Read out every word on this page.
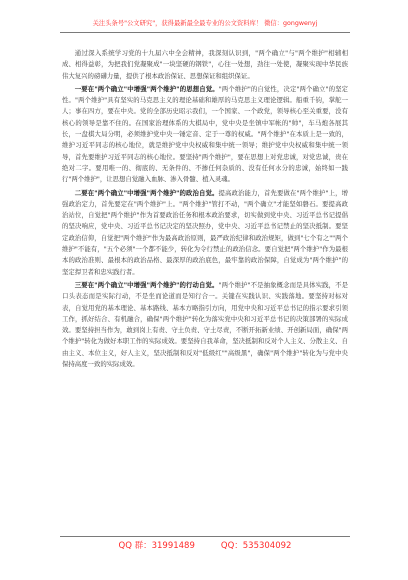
关注头条号"公文研究"，获得最新最全最专业的公文资料库！ 微信：gongwenyj

通过深入系统学习党的十九届六中全会精神，我深刻认识到，"两个确立"与"两个维护"相辅相成、相得益彰，为把我们党凝聚成"一块坚硬的钢铁"，心往一处想，劲往一处使，凝聚实现中华民族伟大复兴的磅礴力量，提供了根本政治保证、思想保证和组织保证。

一要在"两个确立"中增强"两个维护"的思想自觉。"两个维护"的自觉性，决定"两个确立"的坚定性。"两个维护"具有坚实的马克思主义的理论基础和雄厚的马克思主义理论逻辑。船重千钧，掌舵一人；事在四方，要在中央。党的全部历史昭示我们，一个国家、一个政党，领导核心至关重要，没有核心的领导是靠不住的。在国家治理体系的大棋局中，党中央是坐镇中军帐的"帅"，车马炮各展其长，一盘棋大局分明，必须维护党中央一锤定音、定于一尊的权威。"两个维护"在本质上是一致的，维护习近平同志的核心地位，就是维护党中央权威和集中统一领导；维护党中央权威和集中统一领导，首先要维护习近平同志的核心地位。要坚持"两个维护"，要在思想上对党忠诚，对党忠诚，贵在绝对二字。要用唯一的、彻底的、无条件的、不掺任何杂质的、没有任何水分的忠诚，始终如一践行"两个维护"，让思想自觉融入血脉、渗入骨髓、植入灵魂。

二要在"两个确立"中增强"两个维护"的政治自觉。提高政治能力，首先要做在"两个维护"上，增强政治定力，首先要定在"两个维护"上。"两个维护"管打不动，"两个确立"才能坚如磐石。要提高政治站位，自觉把"两个维护"作为首要政治任务和根本政治要求，切实做到党中央、习近平总书记提倡的坚决响应，党中央、习近平总书记决定的坚决照办，党中央、习近平总书记禁止的坚决抵制。要坚定政治信仰，自觉把"两个维护"作为最高政治原则，最严政治纪律和政治规矩，做到"七个有之""两个维护"不能有，"五个必须"一个都不能少，转化为令行禁止的政治信念。要自觉把"两个维护"作为最根本的政治准则、最根本的政治品格、最深厚的政治底色，最牢靠的政治保障，自觉成为"两个维护"的坚定捍卫者和忠实践行者。

三要在"两个确立"中增强"两个维护"的行动自觉。"两个维护"不是抽象概念而是具体实践，不是口头表态而是实际行动，不是坐而论道而是知行合一。关键在实践认识、实践落地。要坚持对标对表，自觉用党的基本理论、基本路线、基本方略指引方向，用党中央和习近平总书记的指示要求引领工作，抓好结合、有机融合，确保"两个维护"转化为落实党中央和习近平总书记的决策部署的实际成效。要坚持担当作为，敢到岗上有责、守土负责、守土尽责，不断开拓新业绩、开创新局面，确保"两个维护"转化为做好本职工作的实际成效。要坚持自我革命，坚决抵制和反对个人主义、分散主义、自由主义、本位主义，好人主义，坚决抵制和反对"低级红""高级黑"，确保"两个维护"转化为与党中央保持高度一致的实际成效。

QQ 群：31991489	QQ：535304092
